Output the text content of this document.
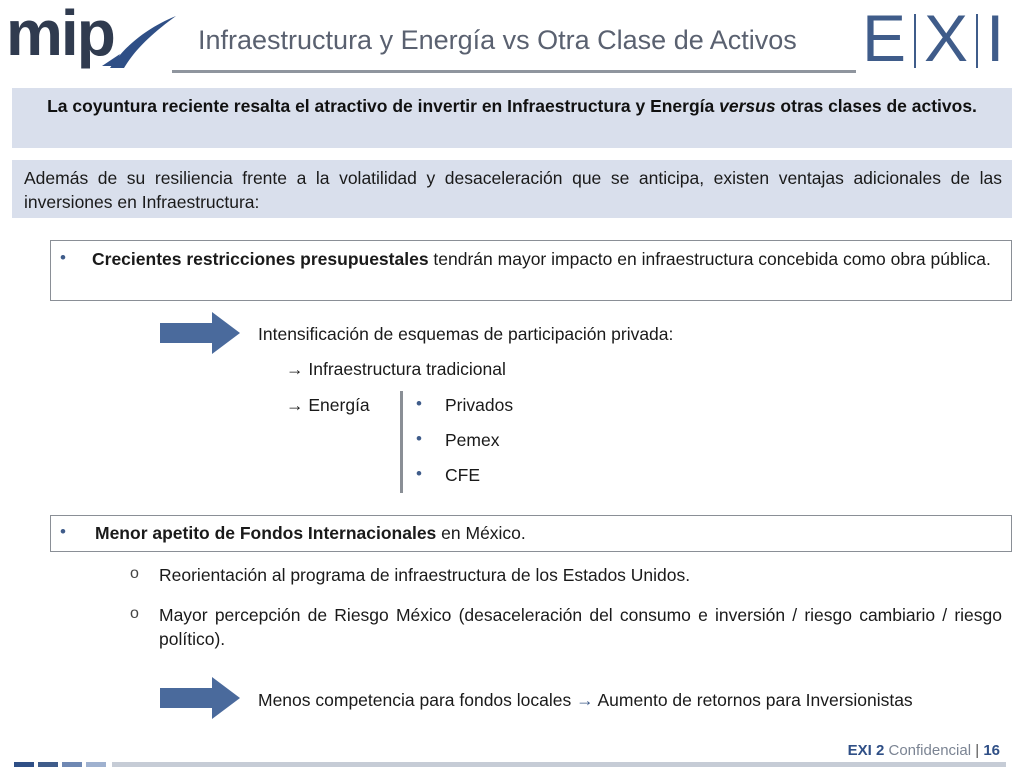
mip	Infraestructura y Energía vs Otra Clase de Activos E X I
La coyuntura reciente resalta el atractivo de invertir en Infraestructura y Energía versus otras clases de activos.
Además de su resiliencia frente a la volatilidad y desaceleración que se anticipa, existen ventajas adicionales de las inversiones en Infraestructura:
• Crecientes restricciones presupuestales tendrán mayor impacto en infraestructura concebida como obra pública.
Intensificación de esquemas de participación privada:
→ Infraestructura tradicional
→ Energía	• Privados
• Pemex
• CFE
• Menor apetito de Fondos Internacionales en México.
o Reorientación al programa de infraestructura de los Estados Unidos.
o Mayor percepción de Riesgo México (desaceleración del consumo e inversión / riesgo cambiario / riesgo político).
Menos competencia para fondos locales → Aumento de retornos para Inversionistas
EXI 2 Confidencial | 16
